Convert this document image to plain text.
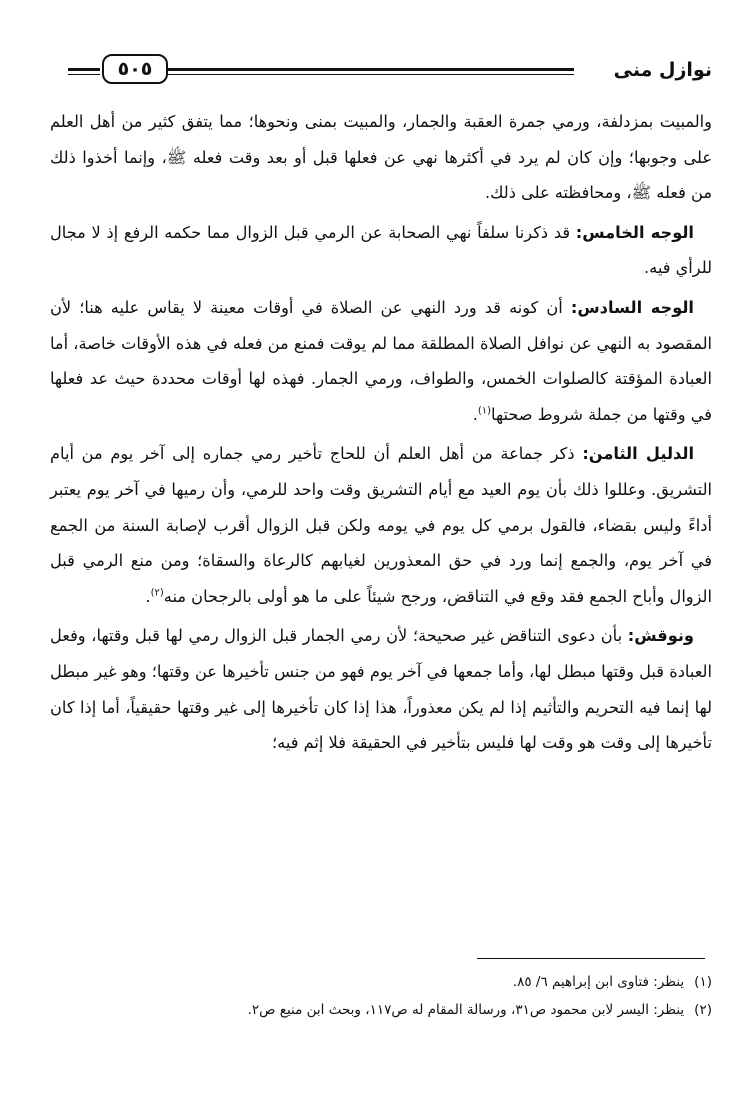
نوازل منى
٥٠٥

والمبيت بمزدلفة، ورمي جمرة العقبة والجمار، والمبيت بمنى ونحوها؛ مما يتفق كثير من أهل العلم على وجوبها؛ وإن كان لم يرد في أكثرها نهي عن فعلها قبل أو بعد وقت فعله ﷺ، وإنما أخذوا ذلك من فعله ﷺ، ومحافظته على ذلك.

الوجه الخامس: قد ذكرنا سلفاً نهي الصحابة عن الرمي قبل الزوال مما حكمه الرفع إذ لا مجال للرأي فيه.

الوجه السادس: أن كونه قد ورد النهي عن الصلاة في أوقات معينة لا يقاس عليه هنا؛ لأن المقصود به النهي عن نوافل الصلاة المطلقة مما لم يوقت فمنع من فعله في هذه الأوقات خاصة، أما العبادة المؤقتة كالصلوات الخمس، والطواف، ورمي الجمار. فهذه لها أوقات محددة حيث عد فعلها في وقتها من جملة شروط صحتها$^{(١)}$.

الدليل الثامن: ذكر جماعة من أهل العلم أن للحاج تأخير رمي جماره إلى آخر يوم من أيام التشريق. وعللوا ذلك بأن يوم العيد مع أيام التشريق وقت واحد للرمي، وأن رميها في آخر يوم يعتبر أداءً وليس بقضاء، فالقول برمي كل يوم في يومه ولكن قبل الزوال أقرب لإصابة السنة من الجمع في آخر يوم، والجمع إنما ورد في حق المعذورين لغيابهم كالرعاة والسقاة؛ ومن منع الرمي قبل الزوال وأباح الجمع فقد وقع في التناقض، ورجح شيئاً على ما هو أولى بالرجحان منه$^{(٢)}$.

ونوقش: بأن دعوى التناقض غير صحيحة؛ لأن رمي الجمار قبل الزوال رمي لها قبل وقتها، وفعل العبادة قبل وقتها مبطل لها، وأما جمعها في آخر يوم فهو من جنس تأخيرها عن وقتها؛ وهو غير مبطل لها إنما فيه التحريم والتأثيم إذا لم يكن معذوراً، هذا إذا كان تأخيرها إلى غير وقتها حقيقياً، أما إذا كان تأخيرها إلى وقت هو وقت لها فليس بتأخير في الحقيقة فلا إثم فيه؛

(١)ينظر: فتاوى ابن إبراهيم ٦/ ٨٥.

(٢)ينظر: اليسر لابن محمود ص٣١، ورسالة المقام له ص١١٧، وبحث ابن منيع ص٢.
